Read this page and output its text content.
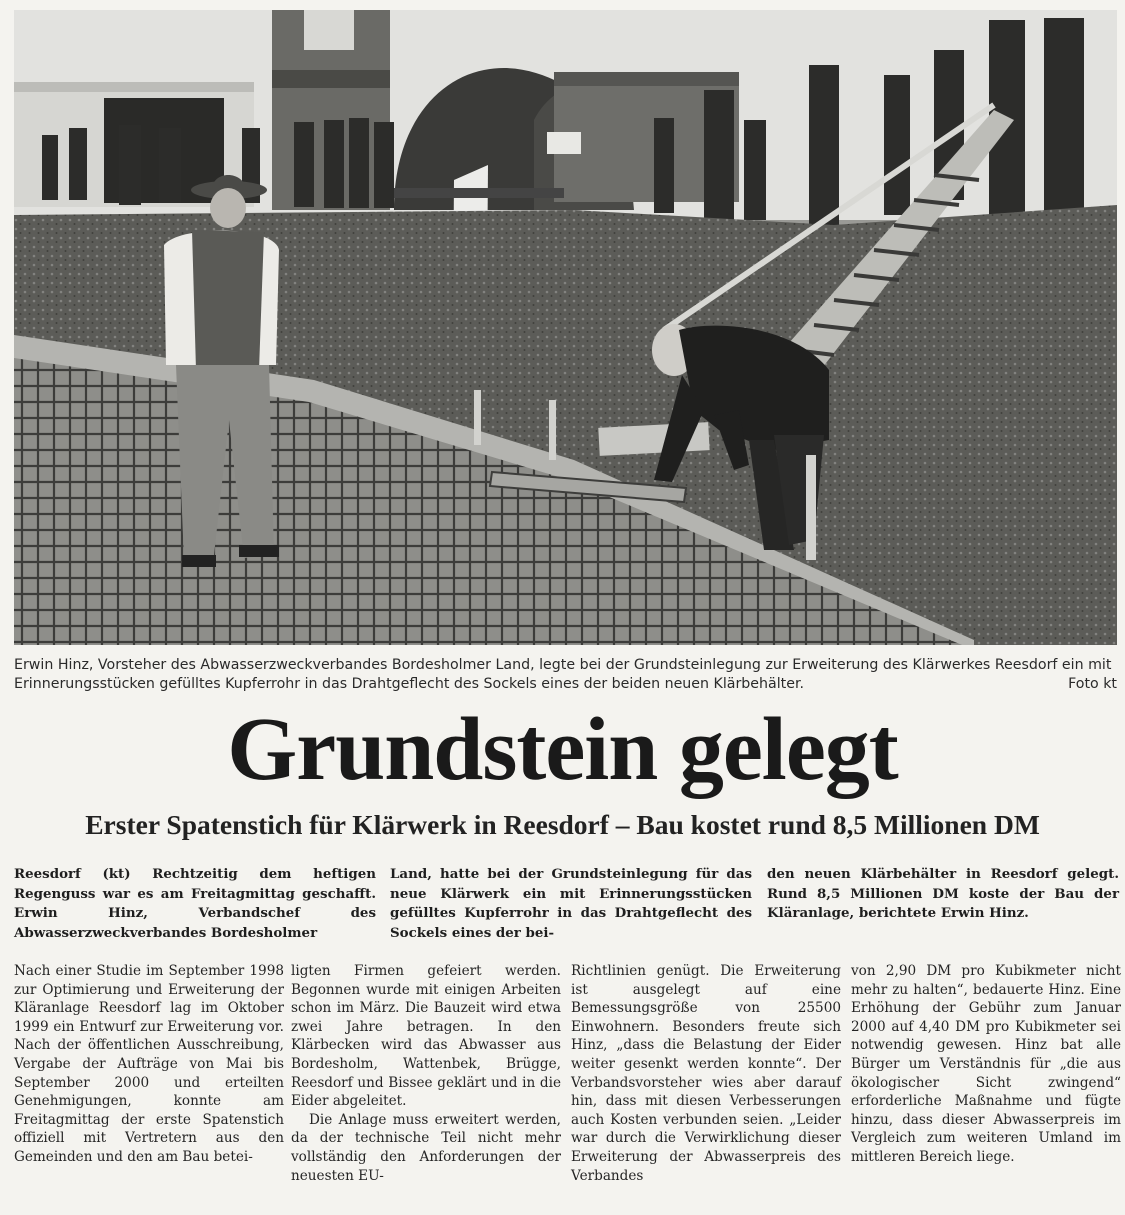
Erwin Hinz, Vorsteher des Abwasserzweckverbandes Bordesholmer Land, legte bei der Grundsteinlegung zur Erweiterung des Klärwerkes Reesdorf ein mit Erinnerungsstücken gefülltes Kupferrohr in das Drahtgeflecht des Sockels eines der beiden neuen Klärbehälter.	Foto kt
Grundstein gelegt
Erster Spatenstich für Klärwerk in Reesdorf – Bau kostet rund 8,5 Millionen DM
Reesdorf (kt) Rechtzeitig dem heftigen Regenguss war es am Freitagmittag geschafft. Erwin Hinz, Verbandschef des Abwasserzweckverbandes Bordesholmer
Land, hatte bei der Grundsteinlegung für das neue Klärwerk ein mit Erinnerungsstücken gefülltes Kupferrohr in das Drahtgeflecht des Sockels eines der bei-
den neuen Klärbehälter in Reesdorf gelegt. Rund 8,5 Millionen DM koste der Bau der Kläranlage, berichtete Erwin Hinz.

Nach einer Studie im September 1998 zur Optimierung und Erweiterung der Kläranlage Reesdorf lag im Oktober 1999 ein Entwurf zur Erweiterung vor. Nach der öffentlichen Ausschreibung, Vergabe der Aufträge von Mai bis September 2000 und erteilten Genehmigungen, konnte am Freitagmittag der erste Spatenstich offiziell mit Vertretern aus den Gemeinden und den am Bau betei-

ligten Firmen gefeiert werden. Begonnen wurde mit einigen Arbeiten schon im März. Die Bauzeit wird etwa zwei Jahre betragen. In den Klärbecken wird das Abwasser aus Bordesholm, Wattenbek, Brügge, Reesdorf und Bissee geklärt und in die Eider abgeleitet.

Die Anlage muss erweitert werden, da der technische Teil nicht mehr vollständig den Anforderungen der neuesten EU-

Richtlinien genügt. Die Erweiterung ist ausgelegt auf eine Bemessungsgröße von 25500 Einwohnern. Besonders freute sich Hinz, „dass die Belastung der Eider weiter gesenkt werden konnte“. Der Verbandsvorsteher wies aber darauf hin, dass mit diesen Verbesserungen auch Kosten verbunden seien. „Leider war durch die Verwirklichung dieser Erweiterung der Abwasserpreis des Verbandes

von 2,90 DM pro Kubikmeter nicht mehr zu halten“, bedauerte Hinz. Eine Erhöhung der Gebühr zum Januar 2000 auf 4,40 DM pro Kubikmeter sei notwendig gewesen. Hinz bat alle Bürger um Verständnis für „die aus ökologischer Sicht zwingend“ erforderliche Maßnahme und fügte hinzu, dass dieser Abwasserpreis im Vergleich zum weiteren Umland im mittleren Bereich liege.
